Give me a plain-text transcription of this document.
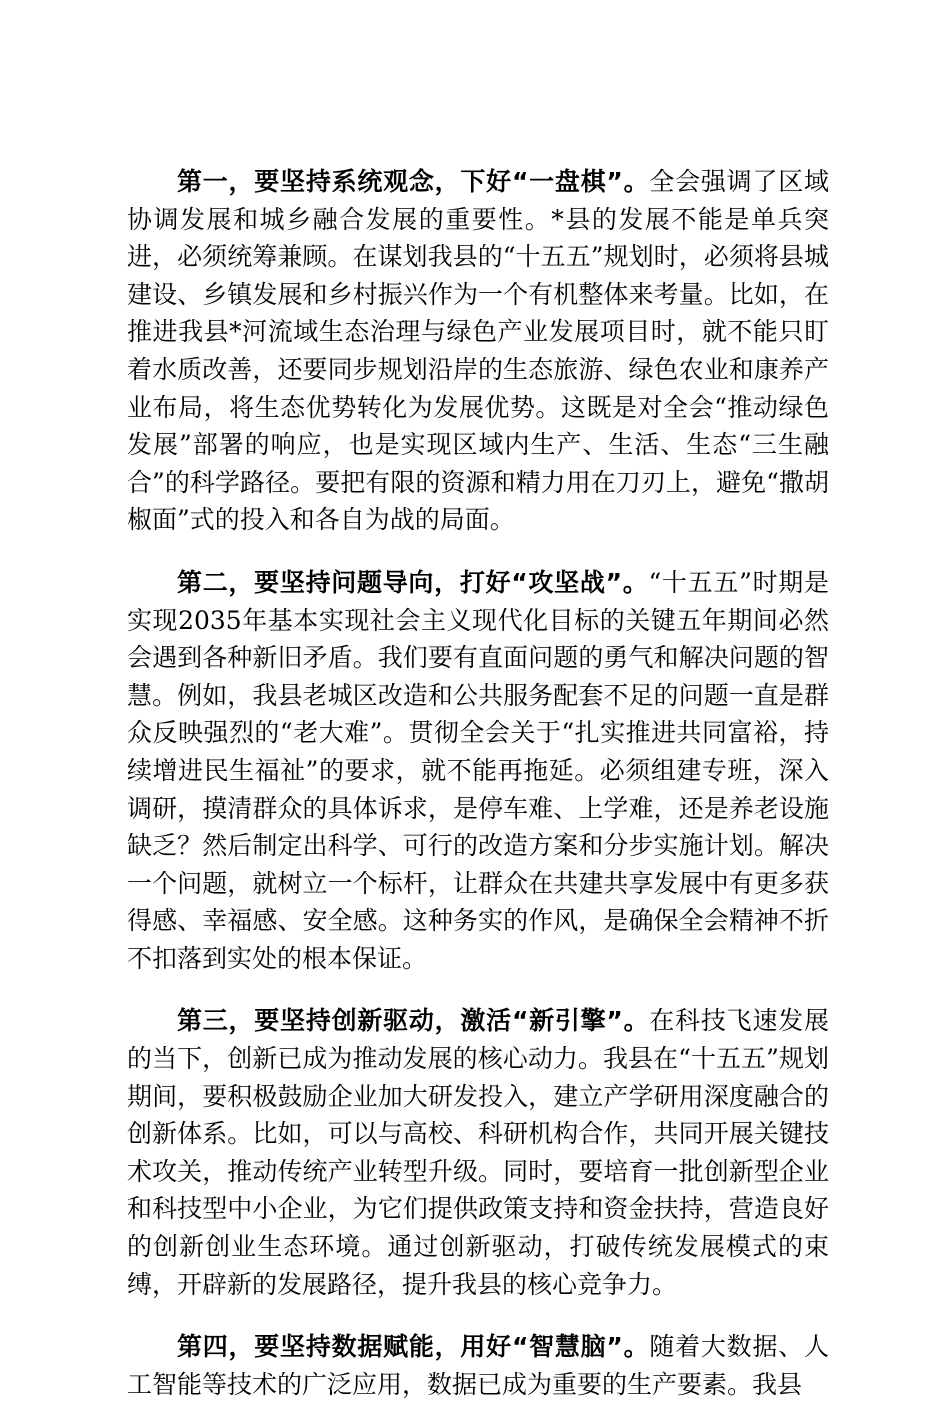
第一，要坚持系统观念，下好“一盘棋”。全会强调了区域协调发展和城乡融合发展的重要性。*县的发展不能是单兵突进，必须统筹兼顾。在谋划我县的“十五五”规划时，必须将县城建设、乡镇发展和乡村振兴作为一个有机整体来考量。比如，在推进我县*河流域生态治理与绿色产业发展项目时，就不能只盯着水质改善，还要同步规划沿岸的生态旅游、绿色农业和康养产业布局，将生态优势转化为发展优势。这既是对全会“推动绿色发展”部署的响应，也是实现区域内生产、生活、生态“三生融合”的科学路径。要把有限的资源和精力用在刀刃上，避免“撒胡椒面”式的投入和各自为战的局面。

第二，要坚持问题导向，打好“攻坚战”。“十五五”时期是实现2035年基本实现社会主义现代化目标的关键五年期间必然会遇到各种新旧矛盾。我们要有直面问题的勇气和解决问题的智慧。例如，我县老城区改造和公共服务配套不足的问题一直是群众反映强烈的“老大难”。贯彻全会关于“扎实推进共同富裕，持续增进民生福祉”的要求，就不能再拖延。必须组建专班，深入调研，摸清群众的具体诉求，是停车难、上学难，还是养老设施缺乏？然后制定出科学、可行的改造方案和分步实施计划。解决一个问题，就树立一个标杆，让群众在共建共享发展中有更多获得感、幸福感、安全感。这种务实的作风，是确保全会精神不折不扣落到实处的根本保证。

第三，要坚持创新驱动，激活“新引擎”。在科技飞速发展的当下，创新已成为推动发展的核心动力。我县在“十五五”规划期间，要积极鼓励企业加大研发投入，建立产学研用深度融合的创新体系。比如，可以与高校、科研机构合作，共同开展关键技术攻关，推动传统产业转型升级。同时，要培育一批创新型企业和科技型中小企业，为它们提供政策支持和资金扶持，营造良好的创新创业生态环境。通过创新驱动，打破传统发展模式的束缚，开辟新的发展路径，提升我县的核心竞争力。

第四，要坚持数据赋能，用好“智慧脑”。随着大数据、人工智能等技术的广泛应用，数据已成为重要的生产要素。我县
